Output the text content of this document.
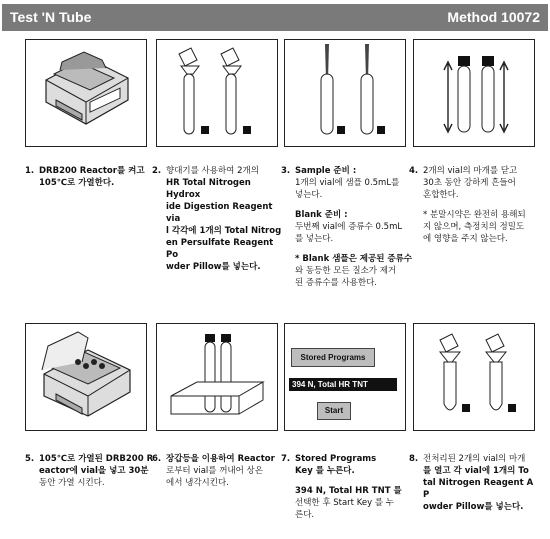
Test 'N Tube	Method 10072
1. DRB200 Reactor를 켜고

105℃로 가열한다.

2. 향대기를 사용하여 2개의

HR Total Nitrogen Hydrox

ide Digestion Reagent via

l 각각에 1개의 Total Nitrog

en Persulfate Reagent Po

wder Pillow를 넣는다.

3. Sample 준비 :

1개의 vial에 샘플 0.5mL를

넣는다.

Blank 준비 :

두번째 vial에 증류수 0.5mL

를 넣는다.

* Blank 샘플은 제공된 증류수

와 동등한 모든 질소가 제거

된 증류수를 사용한다.

4. 2개의 vial의 마개를 닫고

30초 동안 강하게 흔들어

혼합한다.

* 분말시약은 완전히 용해되

지 않으며, 측정치의 정밀도

에 영향을 주지 않는다.

Stored Programs
394 N, Total HR TNT
Start
5. 105℃로 가열된 DRB200 R

eactor에 vial을 넣고 30분

동안 가열 시킨다.

6. 장갑등을 이용하여 Reactor

로부터 vial를 꺼내어 상온

에서 냉각시킨다.

7. Stored Programs

Key 를 누른다.

394 N, Total HR TNT 를

선택한 후 Start Key 를 누

른다.

8. 전처리된 2개의 vial의 마개

를 열고 각 vial에 1개의 To

tal Nitrogen Reagent A P

owder Pillow를 넣는다.
